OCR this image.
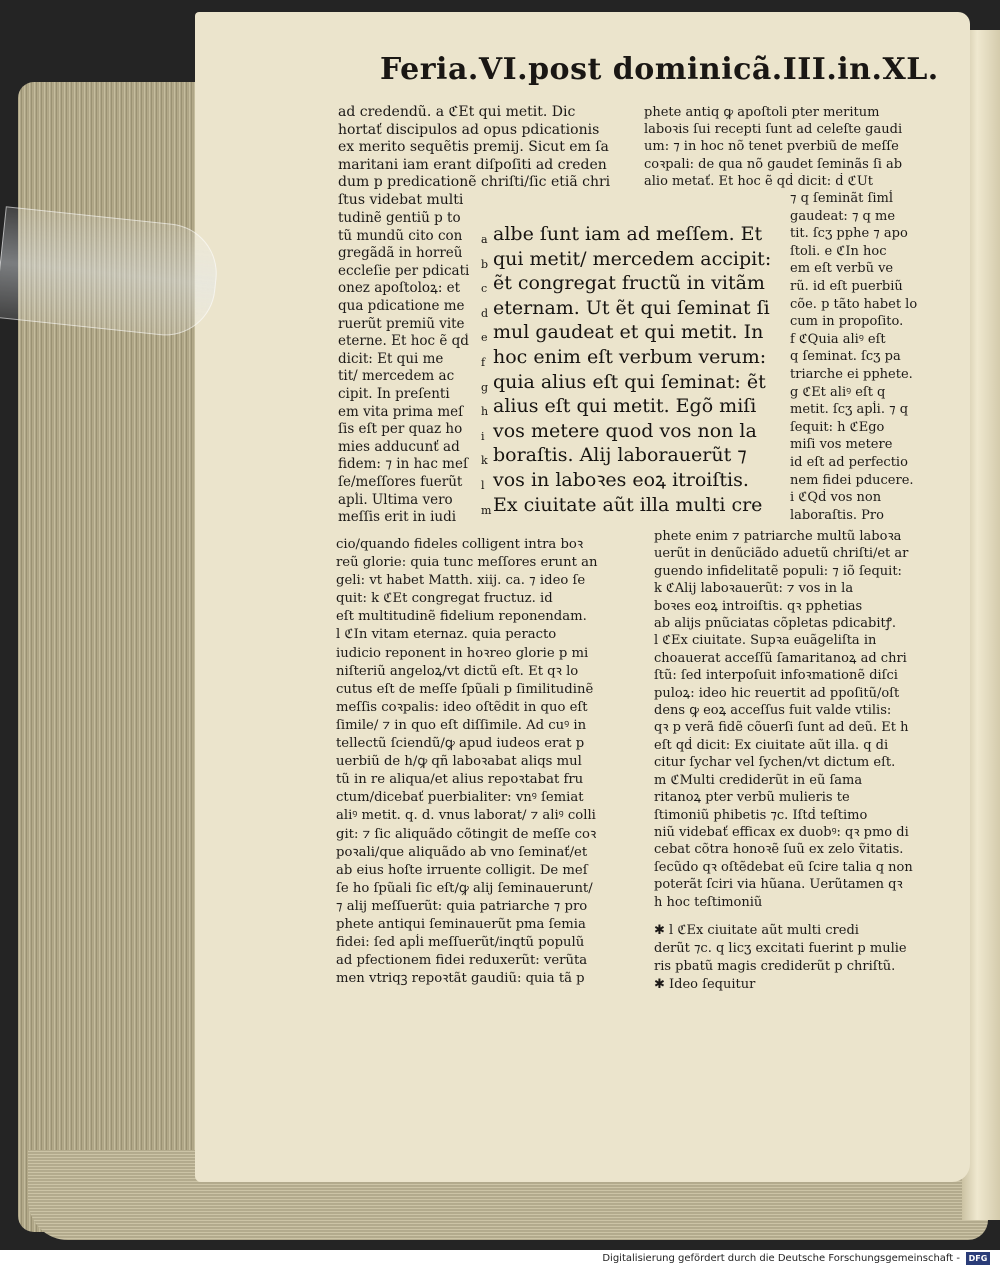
Feria.VI.post dominicã.III.in.XL.
ad credendũ. a ℭEt qui metit. Dic
hortať discipulos ad opus pdicationis
ex merito sequẽtis premij. Sicut em ſa
maritani iam erant diſpoſiti ad creden
dum p predicationẽ chriſti/ſic etiã chri
ſtus videbat multi
tudinẽ gentiũ p to
tũ mundũ cito con
gregãdã in horreũ
eccleſie per pdicati
onez apoſtoloꝝ: et
qua pdicatione me
ruerũt premiũ vite
eterne. Et hoc ẽ qḋ
dicit: Et qui me
tit/ mercedem ac
cipit. In preſenti
em vita prima meſ
ſis eſt per quaz ho
mies adducunť ad
fidem: ⁊ in hac meſ
ſe/meſſores fuerũt
apĺi. Ultima vero
meſſis erit in iudi
a albe ſunt iam ad meſſem. Et
b qui metit/ mercedem accipit:
c ẽt congregat fructũ in vitãm
d eternam. Ut ẽt qui ſeminat ſi
e mul gaudeat et qui metit. In
f hoc enim eſt verbum verum:
g quia alius eſt qui ſeminat: ẽt
h alius eſt qui metit. Egõ miſi
i vos metere quod vos non la
k boraſtis. Alij laborauerũt ⁊
l vos in laboꝛes eoꝝ itroiſtis.
m Ex ciuitate aũt illa multi cre
phete antiq ꝙ apoſtoli pter meritum
laboꝛis ſui recepti ſunt ad celeſte gaudi
um: ⁊ in hoc nõ tenet pverbiũ de meſſe
coꝛpali: de qua nõ gaudet ſeminãs ſi ab
alio metať. Et hoc ẽ qḋ dicit: ḋ ℭUt
⁊ q ſeminãt ſimĺ
gaudeat: ⁊ q me
tit. ſcʒ pphe ⁊ apo
ſtoli. e ℭIn hoc
em eſt verbũ ve
rũ. id eſt puerbiũ
cõe. p tãto habet lo
cum in propoſito.
f ℭQuia aliꝰ eſt
q ſeminat. ſcʒ pa
triarche ei pphete.
g ℭEt aliꝰ eſt q
metit. ſcʒ apĺi. ⁊ q
ſequit: h ℭEgo
miſi vos metere
id eſt ad perfectio
nem fidei pducere.
i ℭQḋ vos non
laboraſtis. Pro
cio/quando fideles colligent intra boꝛ
reũ glorie: quia tunc meſſores erunt an
geli: vt habet Matth. xiij. ca. ⁊ ideo ſe
quit: k ℭEt congregat fructuz. id
eſt multitudinẽ fidelium reponendam.
l ℭIn vitam eternaz. quia peracto
iudicio reponent in hoꝛreo glorie p mi
niſteriũ angeloꝝ/vt dictũ eſt. Et qꝛ lo
cutus eſt de meſſe ſpũali p ſimilitudinẽ
meſſis coꝛpalis: ideo oſtẽdit in quo eſt
ſimile/ ⁊ in quo eſt diſſimile. Ad cuꝰ in
tellectũ ſciendũ/ꝙ apud iudeos erat p
uerbiũ de h/ꝙ qñ laboꝛabat aliqs mul
tũ in re aliqua/et alius repoꝛtabat fru
ctum/dicebať puerbialiter: vnꝰ ſemiat
aliꝰ metit. q. d. vnus laborat/ ⁊ aliꝰ colli
git: ⁊ ſic aliquãdo cõtingit de meſſe coꝛ
poꝛali/que aliquãdo ab vno ſeminať/et
ab eius hoſte irruente colligit. De meſ
ſe ho ſpũali ſic eſt/ꝙ alij ſeminauerunt/
⁊ alij meſſuerũt: quia patriarche ⁊ pro
phete antiqui ſeminauerũt pma ſemia
fidei: ſed apĺi meſſuerũt/inqtũ populũ
ad pfectionem fidei reduxerũt: verũta
men vtriqꝫ repoꝛtãt gaudiũ: quia tã p
phete enim ⁊ patriarche multũ laboꝛa
uerũt in denũciãdo aduetũ chriſti/et ar
guendo infidelitatẽ populi: ⁊ iõ ſequit:
k ℭAlij laboꝛauerũt: ⁊ vos in la
boꝛes eoꝝ introiſtis. qꝛ pphetias
ab alijs pnũciatas cõpletas pdicabitꝭ.
l ℭEx ciuitate. Supꝛa euãgeliſta in
choauerat acceſſũ ſamaritanoꝝ ad chri
ſtũ: ſed interpoſuit infoꝛmationẽ diſci
puloꝝ: ideo hic reuertit ad ppoſitũ/oſt
dens ꝙ eoꝝ acceſſus fuit valde vtilis:
qꝛ p verã fidẽ cõuerſi ſunt ad deũ. Et h
eſt qḋ dicit: Ex ciuitate aũt illa. q di
citur ſychar vel ſychen/vt dictum eſt.
m ℭMulti crediderũt in eũ ſama
ritanoꝝ pter verbũ mulieris te
ſtimoniũ phibetis ⁊c. Iſtḋ teſtimo
niũ videbať efficax ex duobꝰ: qꝛ pmo di
cebat cõtra honoꝛẽ ſuũ ex zelo ṽitatis.
ſecũdo qꝛ oſtẽdebat eũ ſcire talia q non
poterãt ſciri via hũana. Uerũtamen qꝛ
h hoc teſtimoniũ
✱ l ℭEx ciuitate aũt multi credi
derũt ⁊c. q licʒ excitati fuerint p mulie
ris pbatũ magis crediderũt p chriſtũ.
✱ Ideo ſequitur
Digitalisierung gefördert durch die Deutsche Forschungsgemeinschaft -	DFG
